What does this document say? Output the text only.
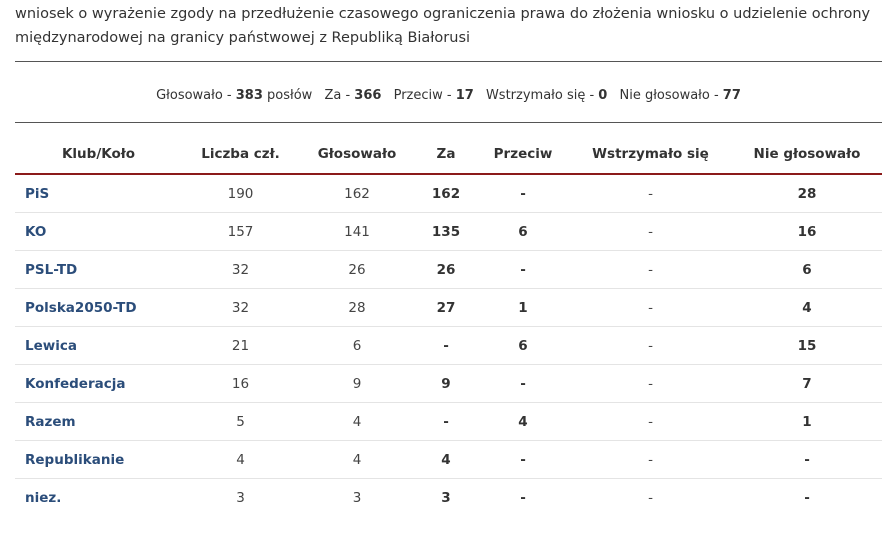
wniosek o wyrażenie zgody na przedłużenie czasowego ograniczenia prawa do złożenia wniosku o udzielenie ochrony międzynarodowej na granicy państwowej z Republiką Białorusi
Głosowało - 383 posłów Za - 366 Przeciw - 17 Wstrzymało się - 0 Nie głosowało - 77
Klub/Koło	Liczba czł.	Głosowało	Za	Przeciw	Wstrzymało się	Nie głosowało
PiS	190	162	162	-	-	28
KO	157	141	135	6	-	16
PSL-TD	32	26	26	-	-	6
Polska2050-TD	32	28	27	1	-	4
Lewica	21	6	-	6	-	15
Konfederacja	16	9	9	-	-	7
Razem	5	4	-	4	-	1
Republikanie	4	4	4	-	-	-
niez.	3	3	3	-	-	-
